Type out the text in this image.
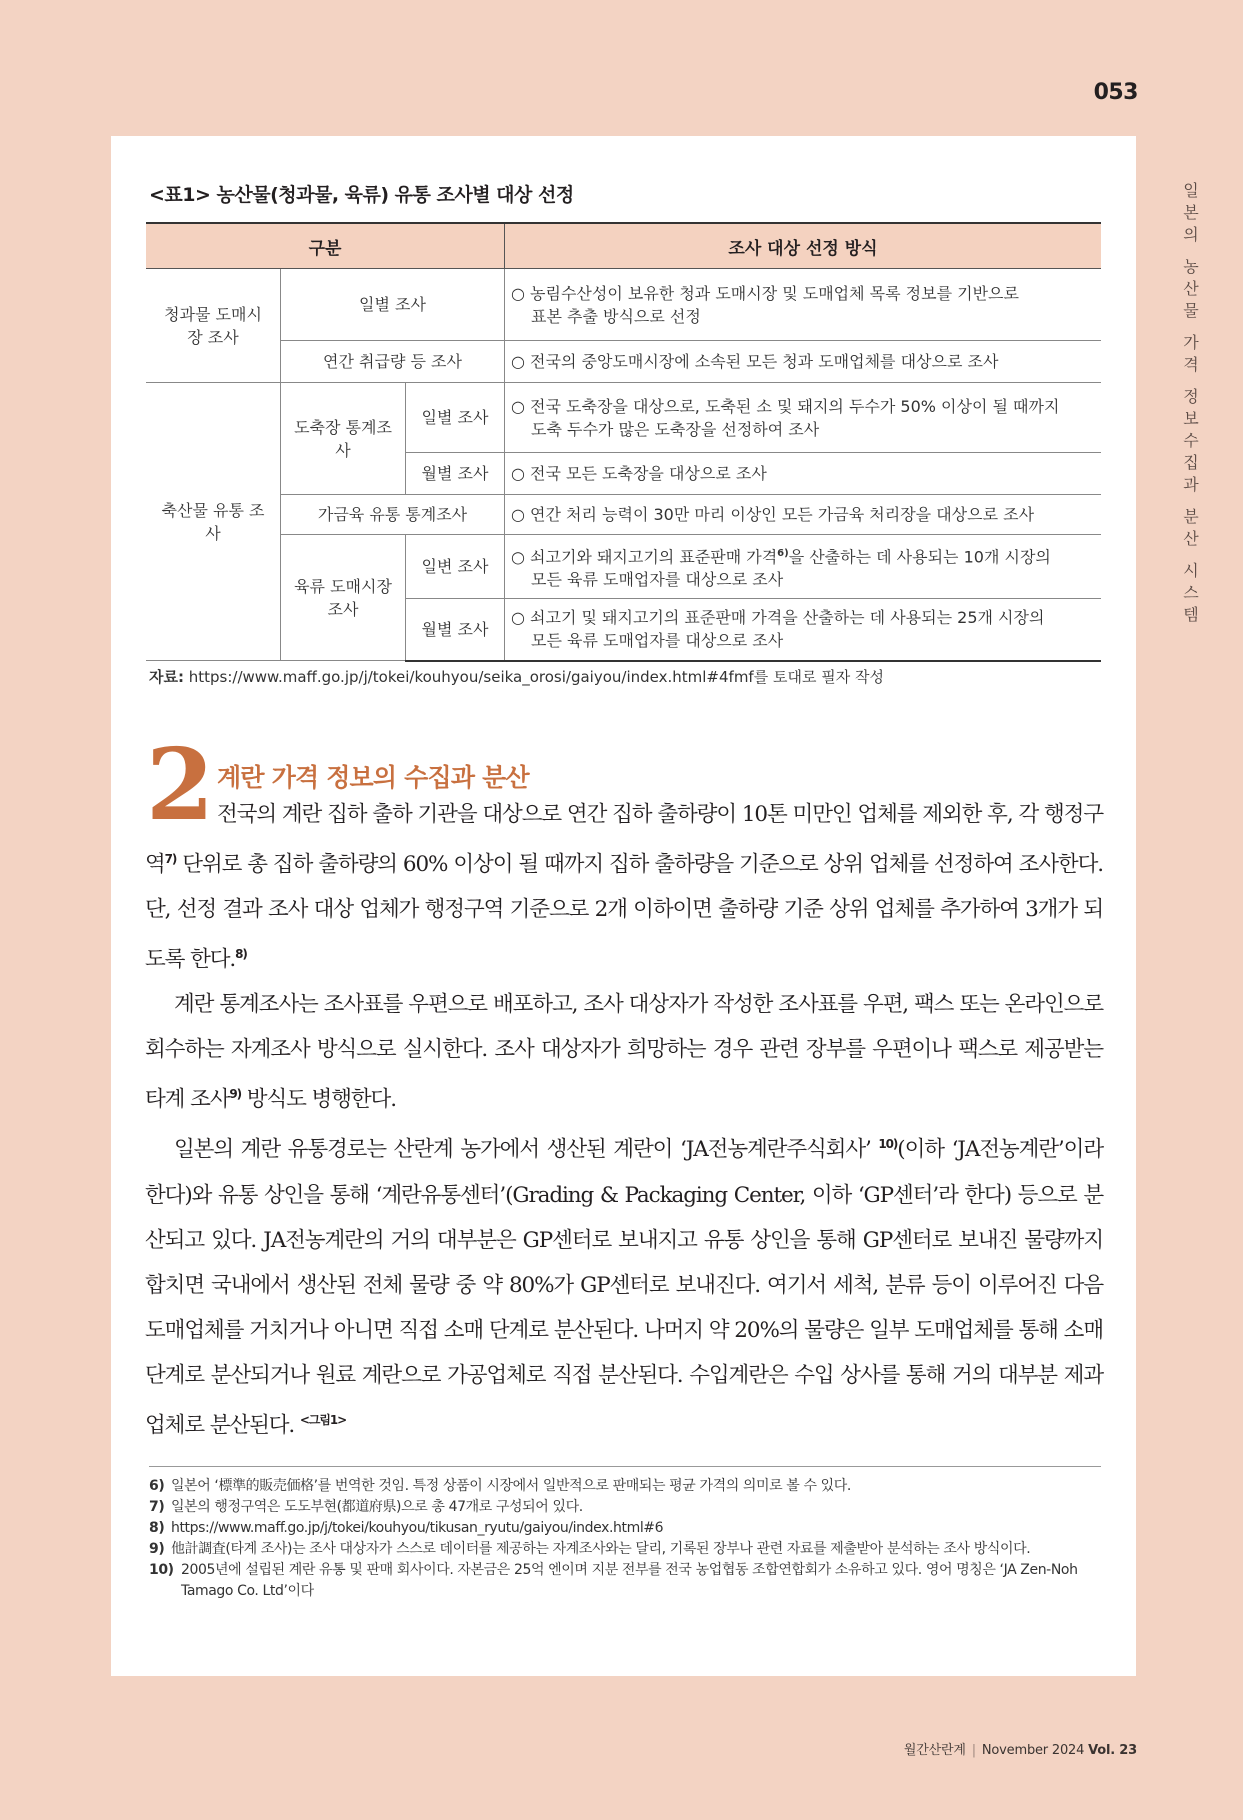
053
일
본
의
농
산
물
가
격
정
보
수
집
과
분
산
시
스
템
<표1> 농산물(청과물, 육류) 유통 조사별 대상 선정
구분			조사 대상 선정 방식
청과물 도매시장 조사	일별 조사		○ 농림수산성이 보유한 청과 도매시장 및 도매업체 목록 정보를 기반으로
표본 추출 방식으로 선정

	연간 취급량 등 조사		○ 전국의 중앙도매시장에 소속된 모든 청과 도매업체를 대상으로 조사
축산물 유통 조사	도축장 통계조사	일별 조사	○ 전국 도축장을 대상으로, 도축된 소 및 돼지의 두수가 50% 이상이 될 때까지
도축 두수가 많은 도축장을 선정하여 조사

		월별 조사	○ 전국 모든 도축장을 대상으로 조사
	가금육 유통 통계조사		○ 연간 처리 능력이 30만 마리 이상인 모든 가금육 처리장을 대상으로 조사
	육류 도매시장 조사	일변 조사	○ 쇠고기와 돼지고기의 표준판매 가격$^{6)}$을 산출하는 데 사용되는 10개 시장의
모든 육류 도매업자를 대상으로 조사

		월별 조사	○ 쇠고기 및 돼지고기의 표준판매 가격을 산출하는 데 사용되는 25개 시장의
모든 육류 도매업자를 대상으로 조사
자료: https://www.maff.go.jp/j/tokei/kouhyou/seika_orosi/gaiyou/index.html#4fmf를 토대로 필자 작성
2 계란 가격 정보의 수집과 분산

전국의 계란 집하 출하 기관을 대상으로 연간 집하 출하량이 10톤 미만인 업체를 제외한 후, 각 행정구역$^{7)}$ 단위로 총 집하 출하량의 60% 이상이 될 때까지 집하 출하량을 기준으로 상위 업체를 선정하여 조사한다. 단, 선정 결과 조사 대상 업체가 행정구역 기준으로 2개 이하이면 출하량 기준 상위 업체를 추가하여 3개가 되도록 한다.$^{8)}$

계란 통계조사는 조사표를 우편으로 배포하고, 조사 대상자가 작성한 조사표를 우편, 팩스 또는 온라인으로 회수하는 자계조사 방식으로 실시한다. 조사 대상자가 희망하는 경우 관련 장부를 우편이나 팩스로 제공받는 타계 조사$^{9)}$ 방식도 병행한다.

일본의 계란 유통경로는 산란계 농가에서 생산된 계란이 ‘JA전농계란주식회사’ $^{10)}$(이하 ‘JA전농계란’이라 한다)와 유통 상인을 통해 ‘계란유통센터’(Grading & Packaging Center, 이하 ‘GP센터’라 한다) 등으로 분산되고 있다. JA전농계란의 거의 대부분은 GP센터로 보내지고 유통 상인을 통해 GP센터로 보내진 물량까지 합치면 국내에서 생산된 전체 물량 중 약 80%가 GP센터로 보내진다. 여기서 세척, 분류 등이 이루어진 다음 도매업체를 거치거나 아니면 직접 소매 단계로 분산된다. 나머지 약 20%의 물량은 일부 도매업체를 통해 소매 단계로 분산되거나 원료 계란으로 가공업체로 직접 분산된다. 수입계란은 수입 상사를 통해 거의 대부분 제과업체로 분산된다. $^{<그림1>}$

6) 일본어 ‘標準的販売価格’를 번역한 것임. 특정 상품이 시장에서 일반적으로 판매되는 평균 가격의 의미로 볼 수 있다.
7) 일본의 행정구역은 도도부현(都道府県)으로 총 47개로 구성되어 있다.
8) https://www.maff.go.jp/j/tokei/kouhyou/tikusan_ryutu/gaiyou/index.html#6
9) 他計調査(타계 조사)는 조사 대상자가 스스로 데이터를 제공하는 자계조사와는 달리, 기록된 장부나 관련 자료를 제출받아 분석하는 조사 방식이다.
10) 2005년에 설립된 계란 유통 및 판매 회사이다. 자본금은 25억 엔이며 지분 전부를 전국 농업협동 조합연합회가 소유하고 있다. 영어 명칭은 ‘JA Zen-Noh Tamago Co. Ltd’이다
월간산란계 | November 2024 Vol. 23
